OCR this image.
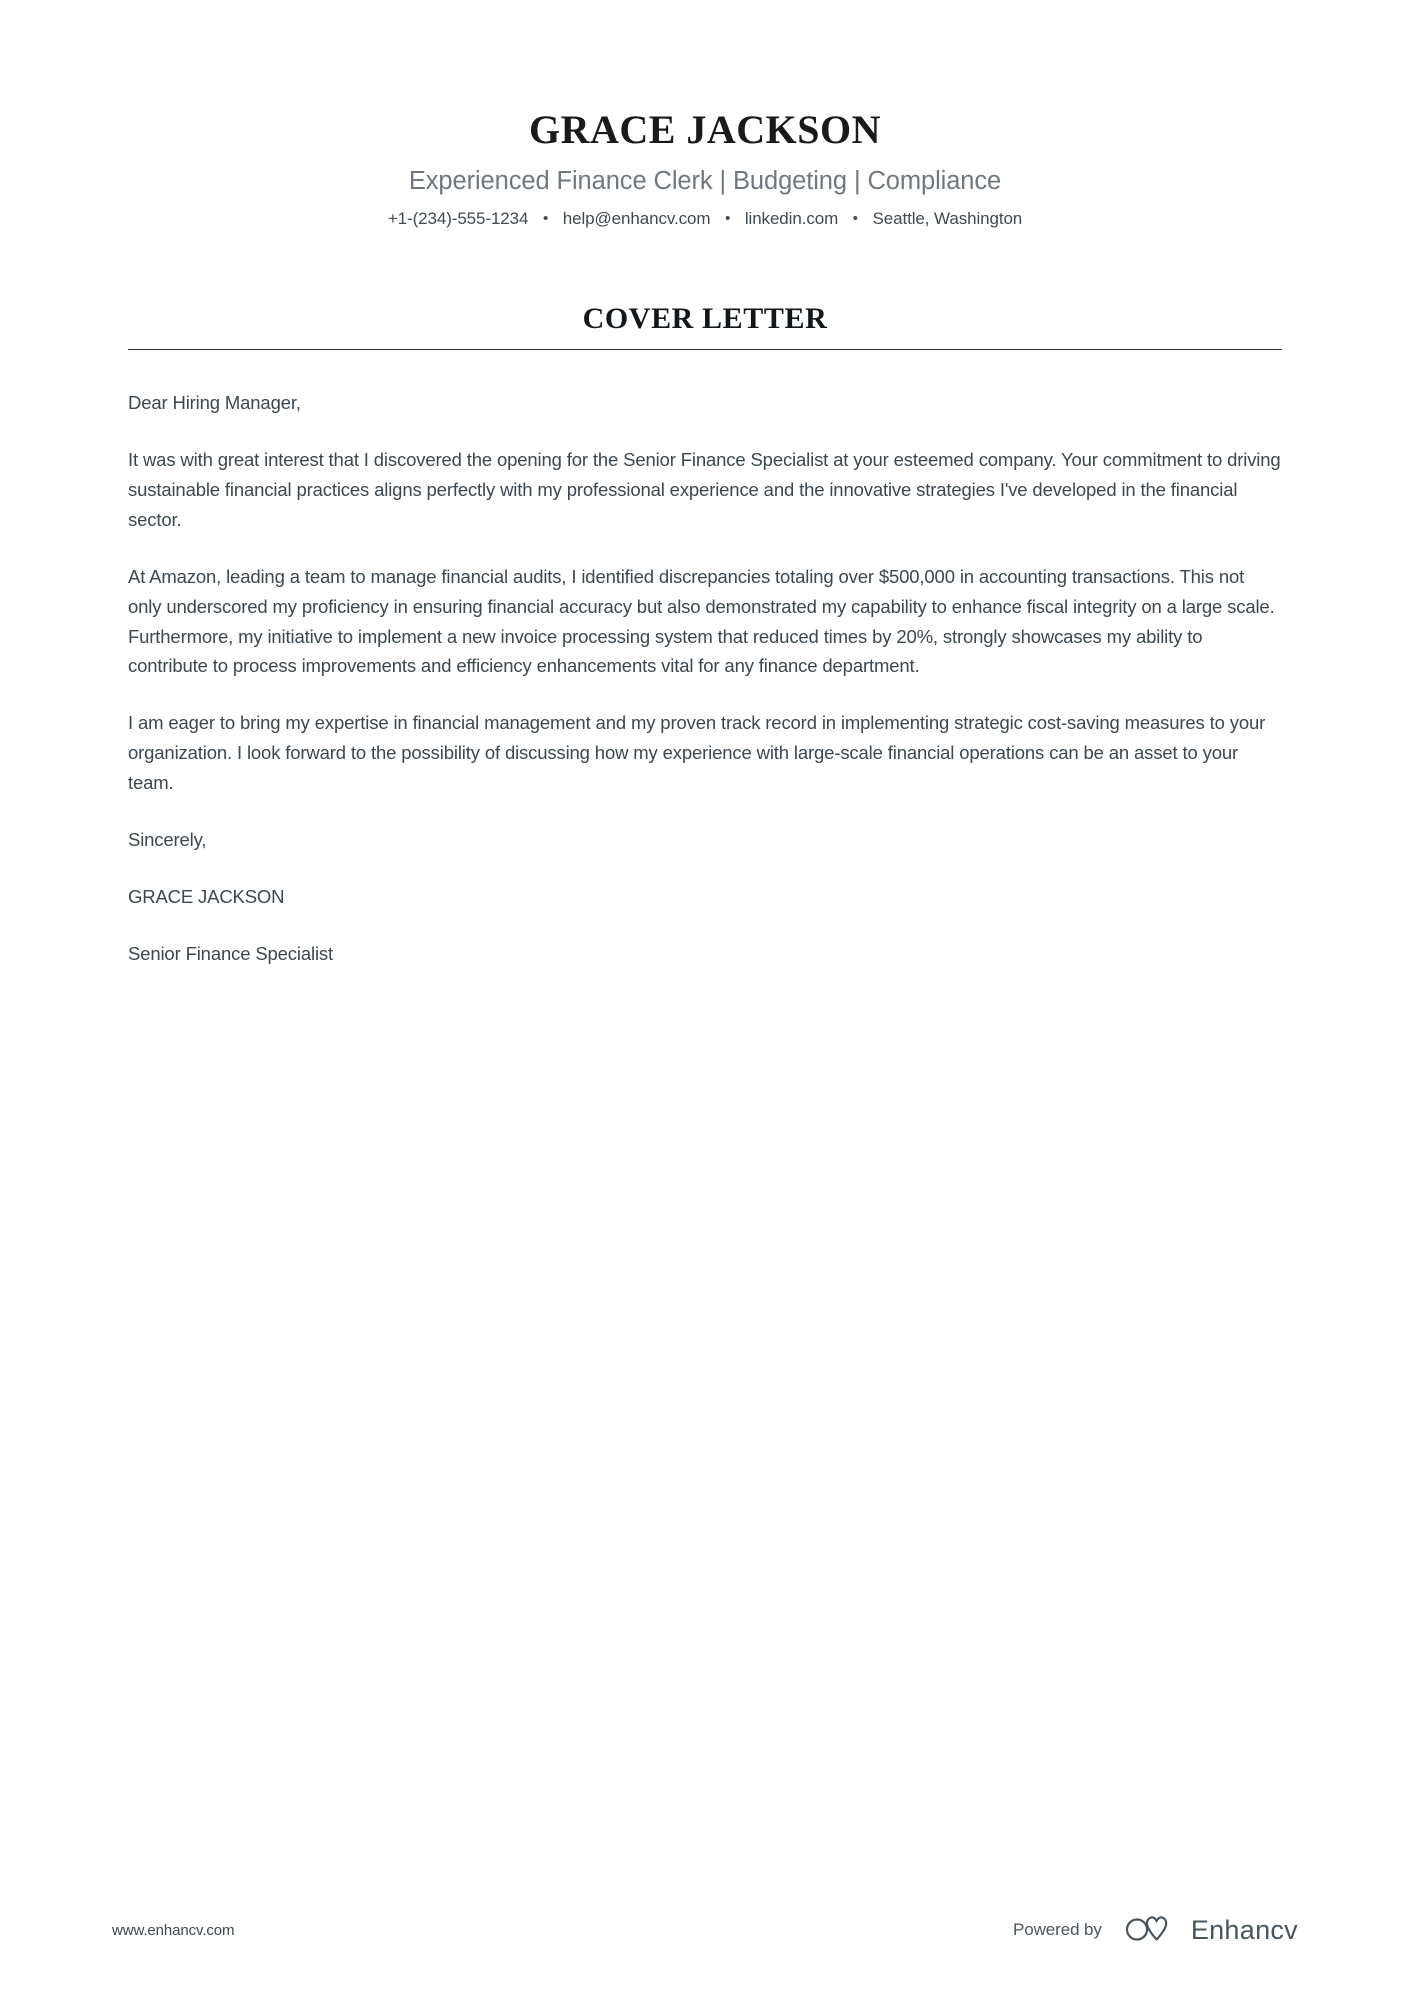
GRACE JACKSON
Experienced Finance Clerk | Budgeting | Compliance
+1-(234)-555-1234 • help@enhancv.com • linkedin.com • Seattle, Washington
COVER LETTER

Dear Hiring Manager,

It was with great interest that I discovered the opening for the Senior Finance Specialist at your esteemed company. Your commitment to driving sustainable financial practices aligns perfectly with my professional experience and the innovative strategies I've developed in the financial sector.

At Amazon, leading a team to manage financial audits, I identified discrepancies totaling over $500,000 in accounting transactions. This not only underscored my proficiency in ensuring financial accuracy but also demonstrated my capability to enhance fiscal integrity on a large scale. Furthermore, my initiative to implement a new invoice processing system that reduced times by 20%, strongly showcases my ability to contribute to process improvements and efficiency enhancements vital for any finance department.

I am eager to bring my expertise in financial management and my proven track record in implementing strategic cost-saving measures to your organization. I look forward to the possibility of discussing how my experience with large-scale financial operations can be an asset to your team.

Sincerely,

GRACE JACKSON

Senior Finance Specialist

www.enhancv.com	Powered by	Enhancv
